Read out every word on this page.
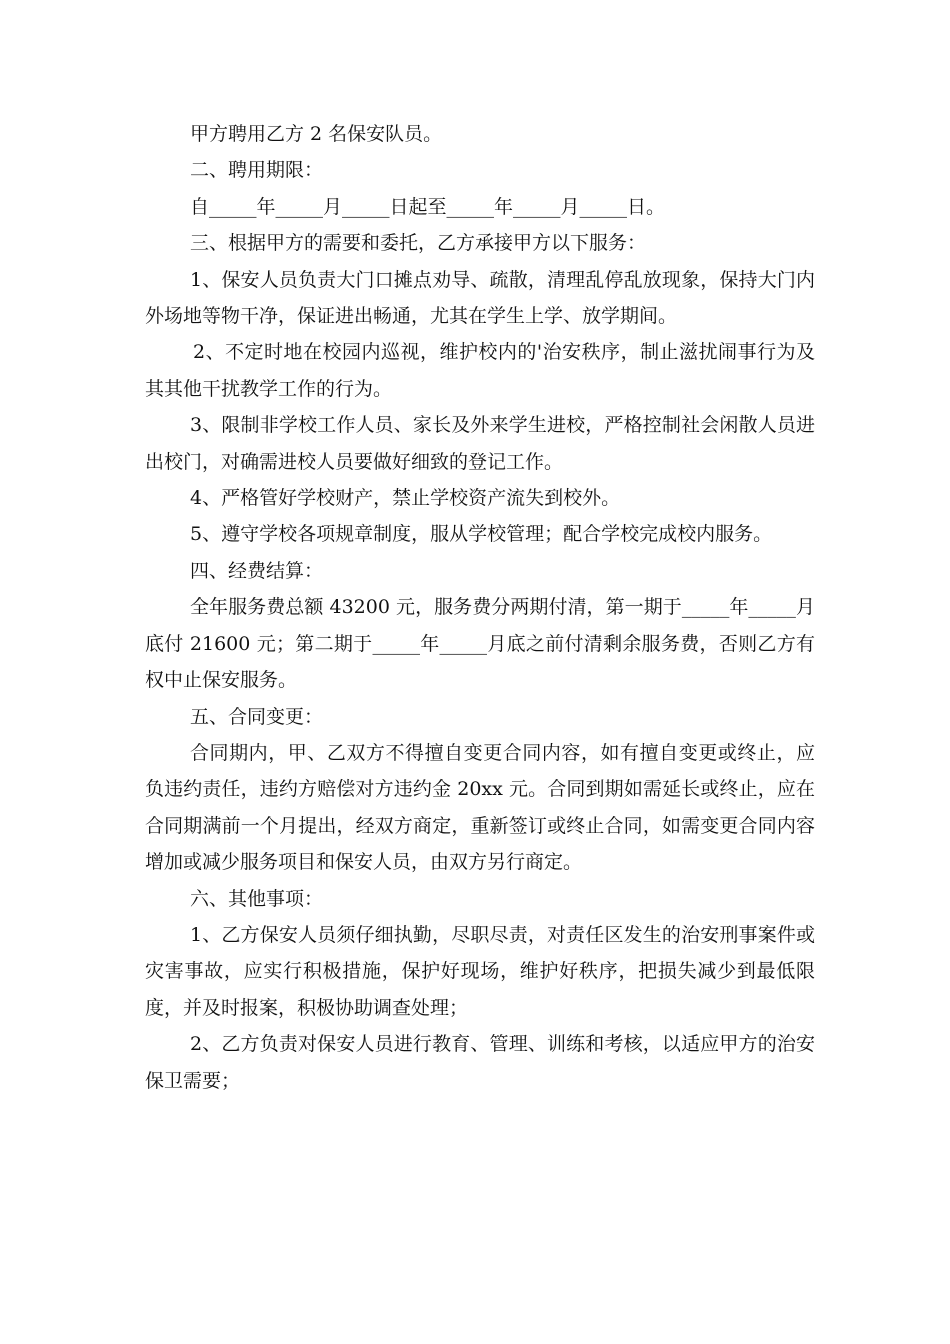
甲方聘用乙方 2 名保安队员。

二、聘用期限：

自_____年_____月_____日起至_____年_____月_____日。

三、根据甲方的需要和委托，乙方承接甲方以下服务：

1、保安人员负责大门口摊点劝导、疏散，清理乱停乱放现象，保持大门内外场地等物干净，保证进出畅通，尤其在学生上学、放学期间。

2、不定时地在校园内巡视，维护校内的'治安秩序，制止滋扰闹事行为及其其他干扰教学工作的行为。

3、限制非学校工作人员、家长及外来学生进校，严格控制社会闲散人员进出校门，对确需进校人员要做好细致的登记工作。

4、严格管好学校财产，禁止学校资产流失到校外。

5、遵守学校各项规章制度，服从学校管理；配合学校完成校内服务。

四、经费结算：

全年服务费总额 43200 元，服务费分两期付清，第一期于_____年_____月底付 21600 元；第二期于_____年_____月底之前付清剩余服务费，否则乙方有权中止保安服务。

五、合同变更：

合同期内，甲、乙双方不得擅自变更合同内容，如有擅自变更或终止，应负违约责任，违约方赔偿对方违约金 20xx 元。合同到期如需延长或终止，应在合同期满前一个月提出，经双方商定，重新签订或终止合同，如需变更合同内容增加或减少服务项目和保安人员，由双方另行商定。

六、其他事项：

1、乙方保安人员须仔细执勤，尽职尽责，对责任区发生的治安刑事案件或灾害事故，应实行积极措施，保护好现场，维护好秩序，把损失减少到最低限度，并及时报案，积极协助调查处理；

2、乙方负责对保安人员进行教育、管理、训练和考核，以适应甲方的治安保卫需要；
